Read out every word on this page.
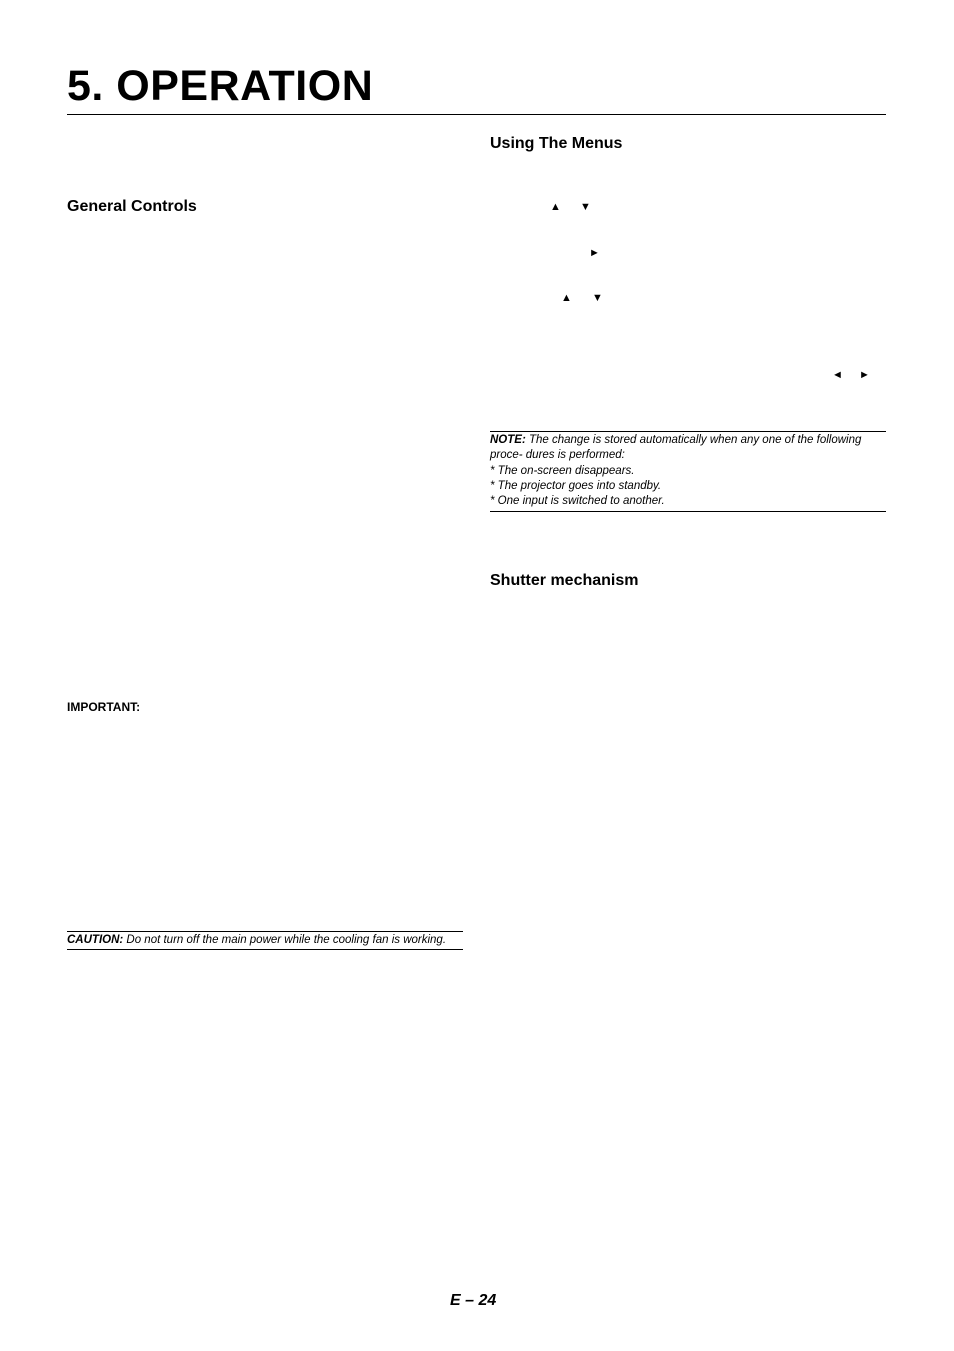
5. OPERATION
Using The Menus
▲ ▼
►
▲ ▼
◄ ►
NOTE: The change is stored automatically when any one of the following proce- dures is performed:
* The on-screen disappears.
* The projector goes into standby.
* One input is switched to another.
Shutter mechanism
General Controls
IMPORTANT:
CAUTION: Do not turn off the main power while the cooling fan is working.
E – 24
